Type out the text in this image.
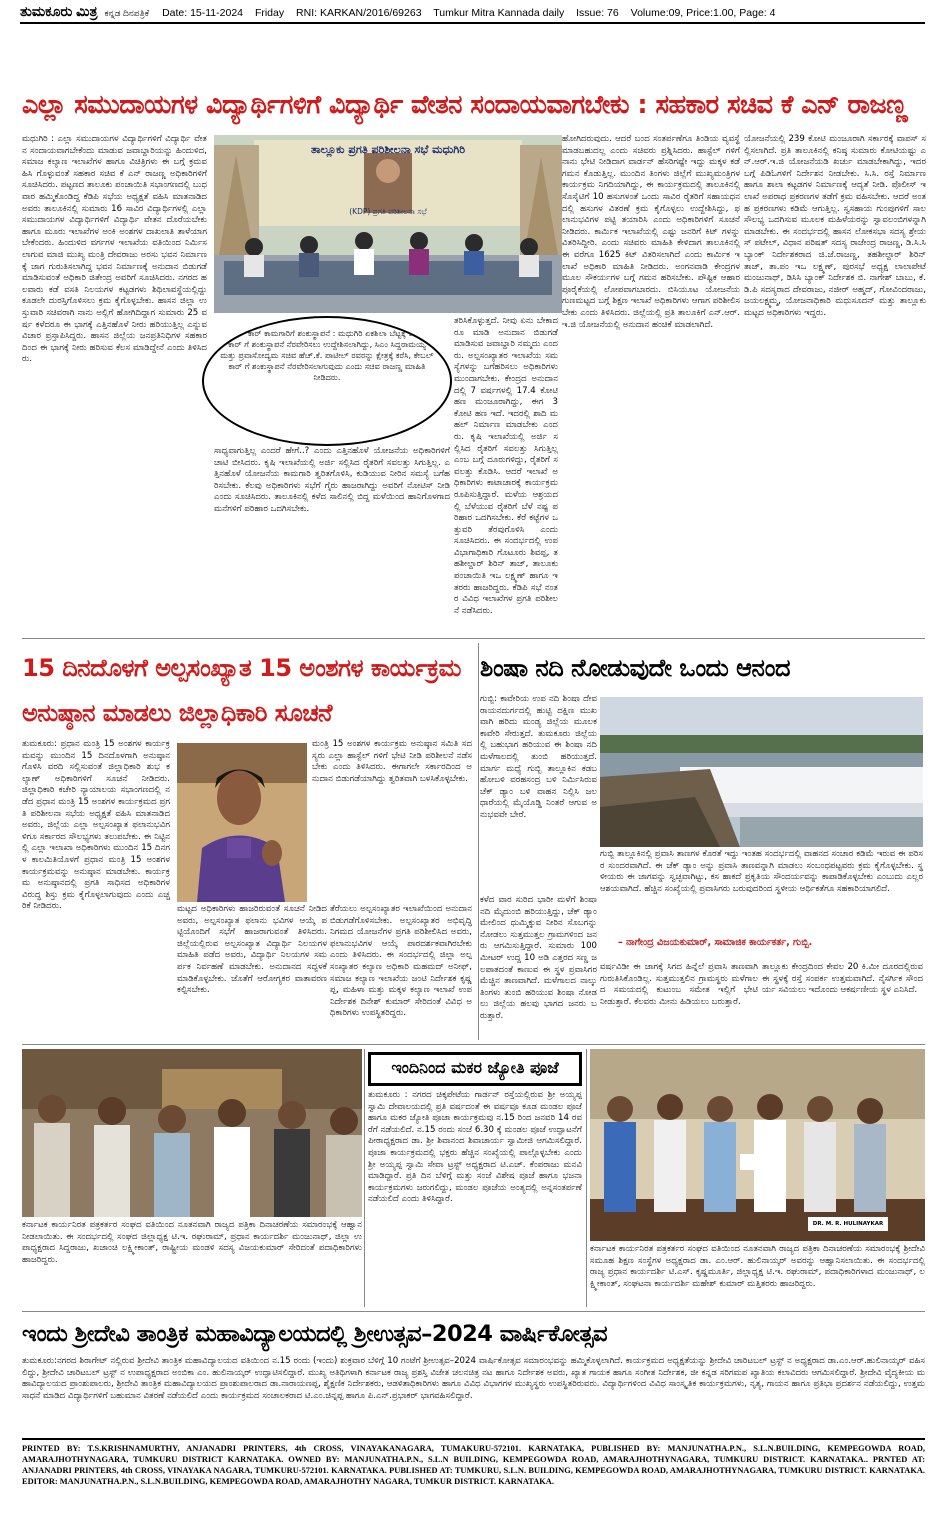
ತುಮಕೂರು ಮಿತ್ರ ಕನ್ನಡ ದಿನಪತ್ರಿಕೆ Date: 15-11-2024 Friday RNI: KARKAN/2016/69263 Tumkur Mitra Kannada daily Issue: 76 Volume:09, Price:1.00, Page: 4
ಎಲ್ಲಾ ಸಮುದಾಯಗಳ ವಿದ್ಯಾರ್ಥಿಗಳಿಗೆ ವಿದ್ಯಾರ್ಥಿ ವೇತನ ಸಂದಾಯವಾಗಬೇಕು : ಸಹಕಾರ ಸಚಿವ ಕೆ ಎನ್ ರಾಜಣ್ಣ
ಮಧುಗಿರಿ : ಎಲ್ಲಾ ಸಮುದಾಯಗಳ ವಿದ್ಯಾರ್ಥಿಗಳಿಗೆ ವಿದ್ಯಾರ್ಥಿ ವೇತನ ಸಂದಾಯವಾಗಬೇಕೆಂದು ಮಾಡುವ ಜವಾಬ್ದಾರಿಯನ್ನು ಹಿಂದುಳಿದ, ಸಮಾಜ ಕಲ್ಯಾಣ ಇಲಾಖೆಗಳ ಹಾಗೂ ವಿಚಿತ್ರಿಗಳು ಈ ಬಗ್ಗೆ ಕ್ರಮವಹಿಸಿ ಗೊಳ್ಳುವಂತೆ ಸಹಕಾರ ಸಚಿವ ಕೆ ಎನ್ ರಾಜಣ್ಣ ಅಧಿಕಾರಿಗಳಿಗೆ ಸೂಚಿಸಿದರು. ಪಟ್ಟಣದ ತಾಲೂಕು ಪಂಚಾಯಿತಿ ಸಭಾಂಗಣದಲ್ಲಿ ಬುಧವಾರ ಹಮ್ಮಿಕೊಂಡಿದ್ದ ಕೆಡಿಪಿ ಸಭೆಯ ಅಧ್ಯಕ್ಷತೆ ವಹಿಸಿ ಮಾತನಾಡಿದ ಅವರು ತಾಲೂಕಿನಲ್ಲಿ ಸುಮಾರು 16 ಸಾವಿರ ವಿದ್ಯಾರ್ಥಿಗಳಲ್ಲಿ ಎಲ್ಲಾ ಸಮುದಾಯಗಳ ವಿದ್ಯಾರ್ಥಿಗಳಿಗೆ ವಿದ್ಯಾರ್ಥಿ ವೇತನ ದೊರೆಯಬೇಕು ಹಾಗೂ ಮೂರು ಇಲಾಖೆಗಳ ಅಂಕಿ ಅಂಶಗಳ ದಾಖಲಾತಿ ತಾಳೆಯಾಗಬೇಕೆಂದರು. ಹಿಂದುಳಿದ ವರ್ಗಗಳ ಇಲಾಖೆಯ ವತಿಯಿಂದ ನಿರ್ಮಿಸಲಾಗುವ ಮಾಜಿ ಮುಖ್ಯ ಮಂತ್ರಿ ದೇವರಾಜು ಅರಸು ಭವನ ನಿರ್ಮಾಣಕ್ಕೆ ಜಾಗ ಗುರುತಿಸಲಾಗಿದ್ದ ಭವನ ನಿರ್ಮಾಣಕ್ಕೆ ಅನುದಾನ ಬಿಡುಗಡೆ ಮಾಡಿಸುವಂತೆ ಅಧಿಕಾರಿ ಜಿತೇಂದ್ರ ಅವರಿಗೆ ಸೂಚಿಸಿದರು. ನಗರದ ಹಲವಾರು ಕಡೆ ವಸತಿ ನಿಲಯಗಳ ಕಟ್ಟಡಗಳು ಶಿಥಿಲಾವಸ್ಥೆಯಲ್ಲಿದ್ದು ಕೂಡಲೇ ದುರಸ್ತಿಗೊಳಿಸಲು ಕ್ರಮ ಕೈಗೊಳ್ಳಬೇಕು. ಹಾಸನ ಜಿಲ್ಲಾ ಉಸ್ತುವಾರಿ ಸಚಿವರಾಗಿ ನಾನು ಅಲ್ಲಿಗೆ ಹೋಗಿದಿದ್ದಾಗ ಸುಮಾರು 25 ವರ್ಷ ಕಳೆದರೂ ಈ ಭಾಗಕ್ಕೆ ಎತ್ತಿನಹೊಳೆ ನೀರು ಹರಿಯುತ್ತಿಲ್ಲ ಎನ್ನುವ ವಿಚಾರ ಪ್ರಸ್ತಾಪಿಸಿದ್ದರು. ಹಾಸನ ಜಿಲ್ಲೆಯ ಜನಪ್ರತಿನಿಧಿಗಳ ಸಹಕಾರದಿಂದ ಈ ಭಾಗಕ್ಕೆ ನೀರು ಹರಿಸುವ ಕೆಲಸ ಮಾಡಿದ್ದೇನೆ ಎಂದು ತಿಳಿಸಿದರು.
ತಾಲ್ಲೂಕು ಪ್ರಗತಿ ಪರಿಶೀಲನಾ ಸಭೆ ಮಧುಗಿರಿ
(KDP) ಪ್ರಗತಿ ಪರಿಶೀಲನಾ ಸಭೆ
ಹೋಗಿದರುವುದು. ಆದರೆ ಬಂದ ಸಂತರ್ಪಣೆಗೂ ತಿಂಡಿಯ ವ್ಯವಸ್ಥೆ ಮಾಡಬಹುದಲ್ಲ ಎಂದು ಸಚಿವರು ಪ್ರಶ್ನಿಸಿದರು. ಹಾಸ್ಟೆಲ್ ಗಳಿಗೆ ನಾನು ಭೇಟಿ ನೀಡಿದಾಗ ವಾರ್ಡನ್ ಹೆಸರಿಗಷ್ಟೇ ಇದ್ದು ಮಕ್ಕಳ ಕಡೆ ಗಮನ ಕೊಡುತ್ತಿಲ್ಲ. ಮುಂದಿನ ತಿಂಗಳು ಜಿಲ್ಲೆಗೆ ಮುಖ್ಯಮಂತ್ರಿಗಳ ಕಾರ್ಯಕ್ರಮ ನಿಗದಿಯಾಗಿದ್ದು, ಈ ಕಾರ್ಯಕ್ರಮದಲ್ಲಿ ತಾಲೂಕಿನಲ್ಲಿ ಸೊಸೈಟಿಗೆ 10 ಹಸುಗಳಂತೆ ಒಂದು ಸಾವಿರ ರೈತರಿಗೆ ಸಹಾಯಧನದಲ್ಲಿ ಹಸುಗಳ ವಿತರಣೆ ಕ್ರಮ ಕೈಗೊಳ್ಳಲು ಉದ್ದೇಶಿಸಿದ್ದು, ಫಲಾನುಭವಿಗಳ ಪಟ್ಟಿ ತಯಾರಿಸಿ ಎಂದು ಅಧಿಕಾರಿಗಳಿಗೆ ಸೂಚನೆ ನೀಡಿದರು. ಕಾರ್ಮಿಕ ಇಲಾಖೆಯಲ್ಲಿ ಎಷ್ಟು ಜನರಿಗೆ ಕಿಟ್ ಗಳನ್ನು ವಿತರಿಸಿದ್ದೀರಿ. ಎಂದು ಸಚಿವರು ಮಾಹಿತಿ ಕೇಳಿದಾಗ ತಾಲೂಕಿನಲ್ಲಿ ಈ ವರೆಗೂ 1625 ಕಿಟ್ ವಿತರಿಸಲಾಗಿದೆ ಎಂದು ಕಾರ್ಮಿಕ ಇಲಾಖೆ ಅಧಿಕಾರಿ ಮಾಹಿತಿ ನೀಡಿದರು. ಅಂಗನವಾಡಿ ಕೇಂದ್ರಗಳ ಮೂಲ ಸೌಕರ್ಯಗಳ ಬಗ್ಗೆ ಗಮನ ಹರಿಸಬೇಕು. ಪೌಷ್ಟಿಕ ಆಹಾರ ಪೂರೈಕೆಯಲ್ಲಿ ಲೋಪವಾಗಬಾರದು. ಬಿಸಿಯೂಟ ಯೋಜನೆಯ ಗುಣಮಟ್ಟದ ಬಗ್ಗೆ ಶಿಕ್ಷಣ ಇಲಾಖೆ ಅಧಿಕಾರಿಗಳು ಆಗಾಗ ಪರಿಶೀಲಿಸಬೇಕು ಎಂದು ತಿಳಿಸಿದರು. ಜಿಲ್ಲೆಯಲ್ಲಿ ಪ್ರತಿ ತಾಲೂಕಿಗೆ ಎನ್.ಆರ್.ಇ.ಜಿ ಯೋಜನೆಯಲ್ಲಿ ಅನುದಾನ ಹಂಚಿಕೆ ಮಾಡಲಾಗಿದೆ.
ಯೋಜನೆಯಲ್ಲಿ 239 ಕೋಟಿ ಮಂಜೂರಾಗಿ ಸರ್ಕಾರಕ್ಕೆ ವಾಪಸ್ ಸಲ್ಲಿಸಲಾಗಿದೆ. ಪ್ರತಿ ತಾಲೂಕಿನಲ್ಲಿ ಕನಿಷ್ಠ ಸುಮಾರು ಕೋಟಿಯಷ್ಟು ಎನ್.ಆರ್.ಇ.ಜಿ ಯೋಜನೆಯಡಿ ಖರ್ಚು ಮಾಡಬೇಕಾಗಿದ್ದು, ಇದರ ಬಗ್ಗೆ ಪಿಡಿಓಗಳಿಗೆ ನಿರ್ದೇಶನ ನೀಡಬೇಕು. ಸಿ.ಸಿ. ರಸ್ತೆ ನಿರ್ಮಾಣ ಹಾಗೂ ಶಾಲಾ ಕಟ್ಟಡಗಳ ನಿರ್ಮಾಣಕ್ಕೆ ಆದ್ಯತೆ ನೀಡಿ. ಪೊಲೀಸ್ ಇಲಾಖೆ ಅಪರಾಧ ಪ್ರಕರಣಗಳ ತಡೆಗೆ ಕ್ರಮ ವಹಿಸಬೇಕು. ಆದರೆ ಅಂತಹ ಪ್ರಕರಣಗಳು ಕಡಿಮೆ ಆಗುತ್ತಿಲ್ಲ. ಸ್ವಸಹಾಯ ಗುಂಪುಗಳಿಗೆ ಸಾಲ ಸೌಲಭ್ಯ ಒದಗಿಸುವ ಮೂಲಕ ಮಹಿಳೆಯರನ್ನು ಸ್ವಾವಲಂಬಿಗಳನ್ನಾಗಿ ಮಾಡಬೇಕು. ಈ ಸಂದರ್ಭದಲ್ಲಿ ಹಾಸನ ಲೋಕಸಭಾ ಸದಸ್ಯ ಶ್ರೇಯಸ್ ಪಟೇಲ್, ವಿಧಾನ ಪರಿಷತ್ ಸದಸ್ಯ ರಾಜೇಂದ್ರ ರಾಜಣ್ಣ, ಡಿ.ಸಿ.ಸಿ ಬ್ಯಾಂಕ್ ನಿರ್ದೇಶಕರಾದ ಜಿ.ಜೆ.ರಾಜಣ್ಣ, ತಹಶೀಲ್ದಾರ್ ಶಿರಿನ್ ತಾಜ್, ತಾ.ಪಂ ಇಒ ಲಕ್ಷ್ಮಣ್, ಪುರಸಭೆ ಅಧ್ಯಕ್ಷ ಲಾಲಾಪೇಟೆ ಮಂಜುನಾಥ್, ಡಿಸಿಸಿ ಬ್ಯಾಂಕ್ ನಿರ್ದೇಶಕ ಬಿ. ನಾಗೇಶ್ ಬಾಬು, ಕೆ.ಡಿ.ಪಿ ಸದಸ್ಯರಾದ ದೇವರಾಜು, ನಜೀರ್ ಅಹ್ಮದ್, ಗೋವಿಂದರಾಜು, ಜಯಲಕ್ಷ್ಮಮ್ಮ, ಯೋಜನಾಧಿಕಾರಿ ಮಧುಸೂದನ್ ಮತ್ತು ತಾಲ್ಲೂಕು ಮಟ್ಟದ ಅಧಿಕಾರಿಗಳು ಇದ್ದರು.
ಕೇಬಲ್ ಕಾರ್ ಕಾಮಗಾರಿಗೆ ಶಂಕುಸ್ಥಾಪನೆ : ಮಧುಗಿರಿ ಏಕಶಿಲಾ ಬೆಟ್ಟಕ್ಕೆ ಕೇಬಲ್ ಕಾರ್ ಗೆ ಶಂಕುಸ್ಥಾಪನೆ ನೆರವೇರಿಸಲು ಉದ್ದೇಶಿಸಲಾಗಿದ್ದು, ಸಿಎಂ ಸಿದ್ದರಾಮಯ್ಯ ಮತ್ತು ಪ್ರವಾಸೋದ್ಯಮ ಸಚಿವ ಹೆಚ್.ಕೆ. ಪಾಟೀಲ್ ರವರನ್ನು ಕ್ಷೇತ್ರಕ್ಕೆ ಕರೆಸಿ, ಕೇಬಲ್ ಕಾರ್ ಗೆ ಶಂಕುಸ್ಥಾಪನೆ ನೆರವೇರಿಸಲಾಗುವುದು ಎಂದು ಸಚಿವ ರಾಜಣ್ಣ ಮಾಹಿತಿ ನೀಡಿದರು.
ತರಿಸಿಕೊಳ್ಳುತ್ತದೆ. ನೀವು ಏನು ಬೇಕಾದರೂ ಮಾಡಿ ಅನುದಾನ ಬಿಡುಗಡೆ ಮಾಡಿಸುವ ಜವಾಬ್ದಾರಿ ನಮ್ಮದು ಎಂದರು. ಅಲ್ಪಸಂಖ್ಯಾತರ ಇಲಾಖೆಯ ಸಮಸ್ಯೆಗಳನ್ನು ಬಗೆಹರಿಸಲು ಅಧಿಕಾರಿಗಳು ಮುಂದಾಗಬೇಕು. ಕೇಂದ್ರದ ಅನುದಾನದಲ್ಲಿ 7 ವರ್ಷಗಳಲ್ಲಿ 17.4 ಕೋಟಿ ಹಣ ಮಂಜೂರಾಗಿದ್ದು, ಈಗ 3 ಕೋಟಿ ಹಣ ಇದೆ. ಇದರಲ್ಲಿ ಶಾದಿ ಮಹಲ್ ನಿರ್ಮಾಣ ಮಾಡಬೇಕು ಎಂದರು. ಕೃಷಿ ಇಲಾಖೆಯಲ್ಲಿ ಅರ್ಜಿ ಸಲ್ಲಿಸಿದ ರೈತರಿಗೆ ಸವಲತ್ತು ಸಿಗುತ್ತಿಲ್ಲ ಎಂಬ ಬಗ್ಗೆ ದೂರುಗಳಿದ್ದು, ರೈತರಿಗೆ ಸವಲತ್ತು ಕೊಡಿಸಿ. ಆದರೆ ಇಲಾಖೆ ಅಧಿಕಾರಿಗಳು ಕಾಟಾಚಾರಕ್ಕೆ ಕಾರ್ಯಕ್ರಮ ರೂಪಿಸುತ್ತಿದ್ದಾರೆ. ಮಳೆಯ ಆಶ್ರಯದಲ್ಲಿ ಬೆಳೆಯುವ ರೈತರಿಗೆ ಬೆಳೆ ನಷ್ಟ ಪರಿಹಾರ ಒದಗಿಸಬೇಕು. ಕೆರೆ ಕಟ್ಟೆಗಳ ಒತ್ತುವರಿ ತೆರವುಗೊಳಿಸಿ ಎಂದು ಸೂಚಿಸಿದರು. ಈ ಸಂದರ್ಭದಲ್ಲಿ ಉಪ ವಿಭಾಗಾಧಿಕಾರಿ ಗೊಟೂರು ಶಿವಪ್ಪ, ತಹಶೀಲ್ದಾರ್ ಶಿರಿನ್ ತಾಜ್, ತಾಲೂಕು ಪಂಚಾಯಿತಿ ಇಒ ಲಕ್ಷ್ಮಣ್ ಹಾಗೂ ಇತರರು ಹಾಜರಿದ್ದರು. ಕೆಡಿಪಿ ಸಭೆ ನಂತರ ವಿವಿಧ ಇಲಾಖೆಗಳ ಪ್ರಗತಿ ಪರಿಶೀಲನೆ ನಡೆಸಿದರು.
ಸಾಧ್ಯವಾಗುತ್ತಿಲ್ಲ ಎಂದರೆ ಹೇಗೆ..? ಎಂದು ಎತ್ತಿನಹೊಳೆ ಯೋಜನೆಯ ಅಧಿಕಾರಿಗಳಿಗೆ ಚಾಟಿ ಬೀಸಿದರು. ಕೃಷಿ ಇಲಾಖೆಯಲ್ಲಿ ಅರ್ಜಿ ಸಲ್ಲಿಸಿದ ರೈತರಿಗೆ ಸವಲತ್ತು ಸಿಗುತ್ತಿಲ್ಲ. ಎತ್ತಿನಹೊಳೆ ಯೋಜನೆಯ ಕಾಮಗಾರಿ ತ್ವರಿತಗೊಳಿಸಿ, ಕುಡಿಯುವ ನೀರಿನ ಸಮಸ್ಯೆ ಬಗೆಹರಿಸಬೇಕು. ಕೆಲವು ಅಧಿಕಾರಿಗಳು ಸಭೆಗೆ ಗೈರು ಹಾಜರಾಗಿದ್ದು ಅವರಿಗೆ ನೋಟಿಸ್ ನೀಡಿ ಎಂದು ಸೂಚಿಸಿದರು. ತಾಲೂಕಿನಲ್ಲಿ ಕಳೆದ ಸಾಲಿನಲ್ಲಿ ಬಿದ್ದ ಮಳೆಯಿಂದ ಹಾನಿಗೊಳಗಾದ ಮನೆಗಳಿಗೆ ಪರಿಹಾರ ಒದಗಿಸಬೇಕು.
15 ದಿನದೊಳಗೆ ಅಲ್ಪಸಂಖ್ಯಾತ 15 ಅಂಶಗಳ ಕಾರ್ಯಕ್ರಮ
ಅನುಷ್ಠಾನ ಮಾಡಲು ಜಿಲ್ಲಾಧಿಕಾರಿ ಸೂಚನೆ
ತುಮಕೂರು: ಪ್ರಧಾನ ಮಂತ್ರಿ 15 ಅಂಶಗಳ ಕಾರ್ಯಕ್ರಮವನ್ನು ಮುಂದಿನ 15 ದಿನದೊಳಗಾಗಿ ಅನುಷ್ಠಾನಗೊಳಿಸಿ ವರದಿ ಸಲ್ಲಿಸುವಂತೆ ಜಿಲ್ಲಾಧಿಕಾರಿ ಶುಭ ಕಲ್ಯಾಣ್ ಅಧಿಕಾರಿಗಳಿಗೆ ಸೂಚನೆ ನೀಡಿದರು. ಜಿಲ್ಲಾಧಿಕಾರಿ ಕಚೇರಿ ನ್ಯಾಯಾಲಯ ಸಭಾಂಗಣದಲ್ಲಿ ನಡೆದ ಪ್ರಧಾನ ಮಂತ್ರಿ 15 ಅಂಶಗಳ ಕಾರ್ಯಕ್ರಮದ ಪ್ರಗತಿ ಪರಿಶೀಲನಾ ಸಭೆಯ ಅಧ್ಯಕ್ಷತೆ ವಹಿಸಿ ಮಾತನಾಡಿದ ಅವರು, ಜಿಲ್ಲೆಯ ಎಲ್ಲಾ ಅಲ್ಪಸಂಖ್ಯಾತ ಫಲಾನುಭವಿಗಳಿಗೂ ಸರ್ಕಾರದ ಸೌಲಭ್ಯಗಳು ತಲುಪಬೇಕು. ಈ ನಿಟ್ಟಿನಲ್ಲಿ ಎಲ್ಲಾ ಇಲಾಖಾ ಅಧಿಕಾರಿಗಳು ಮುಂದಿನ 15 ದಿನಗಳ ಕಾಲಮಿತಿಯೊಳಗೆ ಪ್ರಧಾನ ಮಂತ್ರಿ 15 ಅಂಶಗಳ ಕಾರ್ಯಕ್ರಮವನ್ನು ಅನುಷ್ಠಾನ ಮಾಡಬೇಕು. ಕಾರ್ಯಕ್ರಮ ಅನುಷ್ಠಾನದಲ್ಲಿ ಪ್ರಗತಿ ಸಾಧಿಸದ ಅಧಿಕಾರಿಗಳ ವಿರುದ್ಧ ಶಿಸ್ತು ಕ್ರಮ ಕೈಗೊಳ್ಳಲಾಗುವುದು ಎಂದು ಎಚ್ಚರಿಕೆ ನೀಡಿದರು.
ಮಂತ್ರಿ 15 ಅಂಶಗಳ ಕಾರ್ಯಕ್ರಮ ಅನುಷ್ಠಾನ ಸಮಿತಿ ಸದಸ್ಯರು ಎಲ್ಲಾ ಹಾಸ್ಟೆಲ್ ಗಳಿಗೆ ಭೇಟಿ ನೀಡಿ ಪರಿಶೀಲನೆ ನಡೆಸಬೇಕು ಎಂದು ತಿಳಿಸಿದರು. ಈಗಾಗಲೇ ಸರ್ಕಾರದಿಂದ ಅನುದಾನ ಬಿಡುಗಡೆಯಾಗಿದ್ದು ತ್ವರಿತವಾಗಿ ಬಳಸಿಕೊಳ್ಳಬೇಕು.
ಮಟ್ಟದ ಅಧಿಕಾರಿಗಳು ಹಾಜರಿರುವಂತೆ ಸೂಚನೆ ನೀಡಿದ ಅವರು, ಅಲ್ಪಸಂಖ್ಯಾತ ಫಲಾನು ಭವಿಗಳ ಆಯ್ಕೆ ಪಟ್ಟಿಯೊಂದಿಗೆ ಸಭೆಗೆ ಹಾಜರಾಗುವಂತೆ ತಿಳಿಸಿದರು. ಜಿಲ್ಲೆಯಲ್ಲಿರುವ ಅಲ್ಪಸಂಖ್ಯಾತ ವಿದ್ಯಾರ್ಥಿ ನಿಲಯಗಳ ಮಾಹಿತಿ ಪಡೆದ ಅವರು, ವಿದ್ಯಾರ್ಥಿ ನಿಲಯಗಳ ಸಮರ್ಪಕ ನಿರ್ವಹಣೆ ಮಾಡಬೇಕು. ಅನುದಾನದ ಸದ್ಬಳಕೆ ಮಾಡಿಕೊಳ್ಳಬೇಕು. ಜೊತೆಗೆ ಆರೋಗ್ಯಕರ ವಾತಾವರಣ ಕಲ್ಪಿಸಬೇಕು.
ತೆರೆಯಲು ಅಲ್ಪಸಂಖ್ಯಾತರ ಇಲಾಖೆಯಿಂದ ಅನುದಾನ ಬಿಡುಗಡೆಗೊಳಿಸಬೇಕು. ಅಲ್ಪಸಂಖ್ಯಾತರ ಅಭಿವೃದ್ಧಿ ನಿಗಮದ ಯೋಜನೆಗಳ ಪ್ರಗತಿ ಪರಿಶೀಲಿಸಿದ ಅವರು, ಫಲಾನುಭವಿಗಳ ಆಯ್ಕೆ ಪಾರದರ್ಶಕವಾಗಿರಬೇಕು ಎಂದು ತಿಳಿಸಿದರು. ಈ ಸಂದರ್ಭದಲ್ಲಿ ಜಿಲ್ಲಾ ಅಲ್ಪಸಂಖ್ಯಾತರ ಕಲ್ಯಾಣ ಅಧಿಕಾರಿ ಮಹಮದ್ ಅನೀಫ್, ಸಮಾಜ ಕಲ್ಯಾಣ ಇಲಾಖೆಯ ಜಂಟಿ ನಿರ್ದೇಶಕ ಕೃಷ್ಣಪ್ಪ, ಮಹಿಳಾ ಮತ್ತು ಮಕ್ಕಳ ಕಲ್ಯಾಣ ಇಲಾಖೆ ಉಪ ನಿರ್ದೇಶಕ ದಿನೇಶ್ ಕುಮಾರ್ ಸೇರಿದಂತೆ ವಿವಿಧ ಅಧಿಕಾರಿಗಳು ಉಪಸ್ಥಿತರಿದ್ದರು.
ಶಿಂಷಾ ನದಿ ನೋಡುವುದೇ ಒಂದು ಆನಂದ
ಗುಬ್ಬಿ: ಕಾವೇರಿಯ ಉಪ ನದಿ ಶಿಂಷಾ ದೇವರಾಯನದುರ್ಗದಲ್ಲಿ ಹುಟ್ಟಿ ದಕ್ಷಿಣ ಮುಖವಾಗಿ ಹರಿದು ಮಂಡ್ಯ ಜಿಲ್ಲೆಯ ಮೂಲಕ ಕಾವೇರಿ ಸೇರುತ್ತದೆ. ತುಮಕೂರು ಜಿಲ್ಲೆಯಲ್ಲಿ ಬಹುಭಾಗ ಹರಿಯುವ ಈ ಶಿಂಷಾ ನದಿ ಮಳೆಗಾಲದಲ್ಲಿ ತುಂಬಿ ಹರಿಯುತ್ತದೆ. ಮಾರ್ಗ ಮಧ್ಯೆ ಗುಬ್ಬಿ ತಾಲ್ಲೂಕಿನ ಕಡಬ ಹೋಬಳಿ ವರಹಸಂದ್ರ ಬಳಿ ನಿರ್ಮಿಸಿರುವ ಚೆಕ್ ಡ್ಯಾಂ ಬಳಿ ವಾಹನ ನಿಲ್ಲಿಸಿ ಜಲಧಾರೆಯಲ್ಲಿ ಮೈಯೊಡ್ಡಿ ನಿಂತರೆ ಆಗುವ ಅನುಭವವೇ ಬೇರೆ.
ಗುಬ್ಬಿ ತಾಲ್ಲೂಕಿನಲ್ಲಿ ಪ್ರವಾಸಿ ತಾಣಗಳ ಕೊರತೆ ಇದ್ದು ಇಂತಹ ಸಂದರ್ಭದಲ್ಲಿ ವಾಹನದ ಸಂಚಾರ ಕಡಿಮೆ ಇರುವ ಈ ಪರಿಸರ ಸುಂದರವಾಗಿದೆ. ಈ ಚೆಕ್ ಡ್ಯಾಂ ಅನ್ನು ಪ್ರವಾಸಿ ತಾಣವನ್ನಾಗಿ ಮಾಡಲು ಸಂಬಂಧಪಟ್ಟವರು ಕ್ರಮ ಕೈಗೊಳ್ಳಬೇಕು. ಸ್ಥಳೀಯರು ಈ ಜಾಗವನ್ನು ಸ್ವಚ್ಛವಾಗಿಟ್ಟು, ಕಸ ಹಾಕದೆ ಪ್ರಕೃತಿಯ ಸೌಂದರ್ಯವನ್ನು ಕಾಪಾಡಿಕೊಳ್ಳಬೇಕು ಎಂಬುದು ಎಲ್ಲರ ಆಶಯವಾಗಿದೆ. ಹೆಚ್ಚಿನ ಸಂಖ್ಯೆಯಲ್ಲಿ ಪ್ರವಾಸಿಗರು ಬರುವುದರಿಂದ ಸ್ಥಳೀಯ ಆರ್ಥಿಕತೆಗೂ ಸಹಕಾರಿಯಾಗಲಿದೆ.
ಕಳೆದ ವಾರ ಸುರಿದ ಭಾರೀ ಮಳೆಗೆ ಶಿಂಷಾ ನದಿ ಮೈದುಂಬಿ ಹರಿಯುತ್ತಿದ್ದು, ಚೆಕ್ ಡ್ಯಾಂ ಮೇಲಿಂದ ಧುಮ್ಮಿಕ್ಕುವ ನೀರಿನ ಸೊಬಗನ್ನು ನೋಡಲು ಸುತ್ತಮುತ್ತಲ ಗ್ರಾಮಗಳಿಂದ ಜನರು ಆಗಮಿಸುತ್ತಿದ್ದಾರೆ. ಸುಮಾರು 100 ಮೀಟರ್ ಉದ್ದ 10 ಅಡಿ ಎತ್ತರದ ಸಣ್ಣ ಜಲಪಾತದಂತೆ ಕಾಣುವ ಈ ಸ್ಥಳ ಪ್ರವಾಸಿಗರ ಮೆಚ್ಚಿನ ತಾಣವಾಗಿದೆ. ಮಳೆಗಾಲದ ನಾಲ್ಕು ತಿಂಗಳು ತುಂಬಿ ಹರಿಯುವ ಶಿಂಷಾ ನೋಡಲು ಜಿಲ್ಲೆಯ ಹಲವು ಭಾಗದ ಜನರು ಬರುತ್ತಾರೆ.
– ನಾಗೇಂದ್ರ ವಿಜಯಕುಮಾರ್, ಸಾಮಾಜಿಕ ಕಾರ್ಯಕರ್ತ, ಗುಬ್ಬಿ.
ವರ್ಷವಿಡೀ ಈ ಜಾಗಕ್ಕೆ ಸಿಗದ ಹಿನ್ನೆಲೆ ಪ್ರವಾಸಿ ತಾಣವಾಗಿ ಗುರುತಿಸಿಕೊಂಡಿಲ್ಲ. ಸುತ್ತಮುತ್ತಲಿನ ಗ್ರಾಮಸ್ಥರು ಮಳೆಗಾಲದ ಸಮಯದಲ್ಲಿ ಕುಟುಂಬ ಸಮೇತ ಇಲ್ಲಿಗೆ ಭೇಟಿ ನೀಡುತ್ತಾರೆ. ಕೆಲವರು ಮೀನು ಹಿಡಿಯಲು ಬರುತ್ತಾರೆ.
ತಾಲ್ಲೂಕು ಕೇಂದ್ರದಿಂದ ಕೇವಲ 20 ಕಿ.ಮೀ ದೂರದಲ್ಲಿರುವ ಈ ಸ್ಥಳಕ್ಕೆ ರಸ್ತೆ ಸಂಪರ್ಕ ಉತ್ತಮವಾಗಿದೆ. ನೈಸರ್ಗಿಕ ಸೌಂದರ್ಯ ಸವಿಯಲು ಇದೊಂದು ಆಕರ್ಷಣೀಯ ಸ್ಥಳ ಎನಿಸಿದೆ.
ಕರ್ನಾಟಕ ಕಾರ್ಯನಿರತ ಪತ್ರಕರ್ತರ ಸಂಘದ ವತಿಯಿಂದ ನೂತನವಾಗಿ ರಾಜ್ಯದ ಪತ್ರಿಕಾ ದಿನಾಚರಣೆಯ ಸಮಾರಂಭಕ್ಕೆ ಆಹ್ವಾನ ನೀಡಲಾಯಿತು. ಈ ಸಂದರ್ಭದಲ್ಲಿ ಸಂಘದ ಜಿಲ್ಲಾಧ್ಯಕ್ಷ ಟಿ.ಇ. ರಘುರಾಮ್, ಪ್ರಧಾನ ಕಾರ್ಯದರ್ಶಿ ಮಂಜುನಾಥ್, ಜಿಲ್ಲಾ ಉಪಾಧ್ಯಕ್ಷರಾದ ಸಿದ್ದರಾಜು, ಖಜಾಂಚಿ ಲಕ್ಷ್ಮೀಕಾಂತ್, ರಾಷ್ಟ್ರೀಯ ಮಂಡಳಿ ಸದಸ್ಯ ವಿಜಯಕುಮಾರ್ ಸೇರಿದಂತೆ ಪದಾಧಿಕಾರಿಗಳು ಹಾಜರಿದ್ದರು.
ಇಂದಿನಿಂದ ಮಕರ ಜ್ಯೋತಿ ಪೂಜೆ
ತುಮಕೂರು : ನಗರದ ಚಿಕ್ಕಪೇಟೆಯ ಗಾರ್ಡನ್ ರಸ್ತೆಯಲ್ಲಿರುವ ಶ್ರೀ ಅಯ್ಯಪ್ಪ ಸ್ವಾಮಿ ದೇವಾಲಯದಲ್ಲಿ ಪ್ರತಿ ವರ್ಷದಂತೆ ಈ ವರ್ಷವೂ ಕೂಡ ಮಂಡಲ ಪೂಜೆ ಹಾಗೂ ಮಕರ ಜ್ಯೋತಿ ಪೂಜಾ ಕಾರ್ಯಕ್ರಮವು ನ.15 ರಿಂದ ಜನವರಿ 14 ರವರೆಗೆ ನಡೆಯಲಿದೆ. ನ.15 ರಂದು ಸಂಜೆ 6.30 ಕ್ಕೆ ಮಂಡಲ ಪೂಜೆ ಉದ್ಘಾಟನೆಗೆ ಪೀಠಾಧ್ಯಕ್ಷರಾದ ಡಾ. ಶ್ರೀ ಶಿವಾನಂದ ಶಿವಾಚಾರ್ಯ ಸ್ವಾಮೀಜಿ ಆಗಮಿಸಲಿದ್ದಾರೆ. ಪೂಜಾ ಕಾರ್ಯಕ್ರಮದಲ್ಲಿ ಭಕ್ತರು ಹೆಚ್ಚಿನ ಸಂಖ್ಯೆಯಲ್ಲಿ ಪಾಲ್ಗೊಳ್ಳಬೇಕು ಎಂದು ಶ್ರೀ ಅಯ್ಯಪ್ಪ ಸ್ವಾಮಿ ಸೇವಾ ಟ್ರಸ್ಟ್ ಅಧ್ಯಕ್ಷರಾದ ಟಿ.ಎಚ್. ಕೆಂಪರಾಜು ಮನವಿ ಮಾಡಿದ್ದಾರೆ. ಪ್ರತಿ ದಿನ ಬೆಳಿಗ್ಗೆ ಮತ್ತು ಸಂಜೆ ವಿಶೇಷ ಪೂಜೆ ಹಾಗೂ ಭಜನಾ ಕಾರ್ಯಕ್ರಮಗಳು ಜರುಗಲಿದ್ದು, ಮಂಡಲ ಪೂಜೆಯ ಅಂತ್ಯದಲ್ಲಿ ಅನ್ನಸಂತರ್ಪಣೆ ನಡೆಯಲಿದೆ ಎಂದು ತಿಳಿಸಿದ್ದಾರೆ.
DR. M. R. HULINAYKAR
ಕರ್ನಾಟಕ ಕಾರ್ಯನಿರತ ಪತ್ರಕರ್ತರ ಸಂಘದ ವತಿಯಿಂದ ನೂತನವಾಗಿ ರಾಜ್ಯದ ಪತ್ರಿಕಾ ದಿನಾಚರಣೆಯ ಸಮಾರಂಭಕ್ಕೆ ಶ್ರೀದೇವಿ ಸಮೂಹ ಶಿಕ್ಷಣ ಸಂಸ್ಥೆಗಳ ಅಧ್ಯಕ್ಷರಾದ ಡಾ. ಎಂ.ಆರ್. ಹುಲಿನಾಯ್ಕರ್ ಅವರನ್ನು ಆಹ್ವಾನಿಸಲಾಯಿತು. ಈ ಸಂದರ್ಭದಲ್ಲಿ ರಾಜ್ಯ ಪ್ರಧಾನ ಕಾರ್ಯದರ್ಶಿ ಟಿ.ಎಸ್. ಕೃಷ್ಣಮೂರ್ತಿ, ಜಿಲ್ಲಾಧ್ಯಕ್ಷ ಟಿ.ಇ. ರಘುರಾಮ್, ಪದಾಧಿಕಾರಿಗಳಾದ ಮಂಜುನಾಥ್, ಲಕ್ಷ್ಮೀಕಾಂತ್, ಸಂಘಟನಾ ಕಾರ್ಯದರ್ಶಿ ಮಹೇಶ್ ಕುಮಾರ್ ಮತ್ತಿತರರು ಹಾಜರಿದ್ದರು.
ಇಂದು ಶ್ರೀದೇವಿ ತಾಂತ್ರಿಕ ಮಹಾವಿದ್ಯಾಲಯದಲ್ಲಿ ಶ್ರೀಉತ್ಸವ–2024 ವಾರ್ಷಿಕೋತ್ಸವ
ತುಮಕೂರು:ನಗರದ ಶಿರಾಗೇಟ್ ನಲ್ಲಿರುವ ಶ್ರೀದೇವಿ ತಾಂತ್ರಿಕ ಮಹಾವಿದ್ಯಾಲಯದ ವತಿಯಿಂದ ನ.15 ರಂದು (ಇಂದು) ಶುಕ್ರವಾರ ಬೆಳಿಗ್ಗೆ 10 ಗಂಟೆಗೆ ಶ್ರೀಉತ್ಸವ–2024 ವಾರ್ಷಿಕೋತ್ಸವ ಸಮಾರಂಭವನ್ನು ಹಮ್ಮಿಕೊಳ್ಳಲಾಗಿದೆ. ಕಾರ್ಯಕ್ರಮದ ಅಧ್ಯಕ್ಷತೆಯನ್ನು ಶ್ರೀದೇವಿ ಚಾರಿಟಬಲ್ ಟ್ರಸ್ಟ್ ನ ಅಧ್ಯಕ್ಷರಾದ ಡಾ.ಎಂ.ಆರ್.ಹುಲಿನಾಯ್ಕರ್ ವಹಿಸಲಿದ್ದು, ಶ್ರೀದೇವಿ ಚಾರಿಟಬಲ್ ಟ್ರಸ್ಟ್ ನ ಉಪಾಧ್ಯಕ್ಷರಾದ ಅಂಬಿಕಾ ಎಂ. ಹುಲಿನಾಯ್ಕರ್ ಉದ್ಘಾಟಿಸಲಿದ್ದಾರೆ. ಮುಖ್ಯ ಅತಿಥಿಗಳಾಗಿ ಕರ್ನಾಟಕ ರಾಜ್ಯ ಪ್ರಶಸ್ತಿ ವಿಜೇತ ಚಲನಚಿತ್ರ ನಟ ಹಾಗೂ ನಿರ್ದೇಶಕ ಅವರು, ಖ್ಯಾತ ಗಾಯಕ ಹಾಗೂ ಸಂಗೀತ ನಿರ್ದೇಶಕ, ಜೀ ಕನ್ನಡ ಸರಿಗಮಪ ಖ್ಯಾತಿಯ ಕಲಾವಿದರು ಆಗಮಿಸಲಿದ್ದಾರೆ. ಶ್ರೀದೇವಿ ವೈದ್ಯಕೀಯ ಮಹಾವಿದ್ಯಾಲಯದ ಪ್ರಾಂಶುಪಾಲರು, ಶ್ರೀದೇವಿ ತಾಂತ್ರಿಕ ಮಹಾವಿದ್ಯಾಲಯದ ಪ್ರಾಂಶುಪಾಲರಾದ ಡಾ.ನಾರಾಯಣಪ್ಪ, ಶೈಕ್ಷಣಿಕ ನಿರ್ದೇಶಕರು, ಆಡಳಿತಾಧಿಕಾರಿಗಳು ಹಾಗೂ ವಿವಿಧ ವಿಭಾಗಗಳ ಮುಖ್ಯಸ್ಥರು ಉಪಸ್ಥಿತರಿರುವರು. ವಿದ್ಯಾರ್ಥಿಗಳಿಂದ ವಿವಿಧ ಸಾಂಸ್ಕೃತಿಕ ಕಾರ್ಯಕ್ರಮಗಳು, ನೃತ್ಯ, ಗಾಯನ ಹಾಗೂ ಪ್ರತಿಭಾ ಪ್ರದರ್ಶನ ನಡೆಯಲಿದ್ದು, ಉತ್ತಮ ಸಾಧನೆ ಮಾಡಿದ ವಿದ್ಯಾರ್ಥಿಗಳಿಗೆ ಬಹುಮಾನ ವಿತರಣೆ ನಡೆಯಲಿದೆ ಎಂದು ಕಾರ್ಯಕ್ರಮದ ಸಂಚಾಲಕರಾದ ಟಿ.ಎಂ.ಚಿನ್ನಪ್ಪ ಹಾಗೂ ಪಿ.ಎನ್.ಪ್ರಭಾಕರ್ ಭಾಗವಹಿಸಲಿದ್ದಾರೆ.
PRINTED BY: T.S.KRISHNAMURTHY, ANJANADRI PRINTERS, 4th CROSS, VINAYAKANAGARA, TUMAKURU-572101. KARNATAKA, PUBLISHED BY: MANJUNATHA.P.N., S.L.N.BUILDING, KEMPEGOWDA ROAD, AMARAJHOTHYNAGARA, TUMKURU DISTRICT KARNATAKA. OWNED BY: MANJUNATHA.P.N., S.L.N BUILDING, KEMPEGOWDA ROAD, AMARAJHOTHYNAGARA, TUMKURU DISTRICT. KARNATAKA.. PRNTED AT: ANJANADRI PRINTERS, 4th CROSS, VINAYAKA NAGARA, TUMKURU-572101. KARNATAKA. PUBLISHED AT: TUMKURU, S.L.N. BUILDING, KEMPEGOWDA ROAD, AMARAJHOTHYNAGARA, TUMKURU DISTRICT. KARNATAKA. EDITOR: MANJUNATHA.P.N., S.L.N.BUILDING, KEMPEGOWDA ROAD, AMARAJHOTHY NAGARA, TUMKUR DISTRICT. KARNATAKA.
